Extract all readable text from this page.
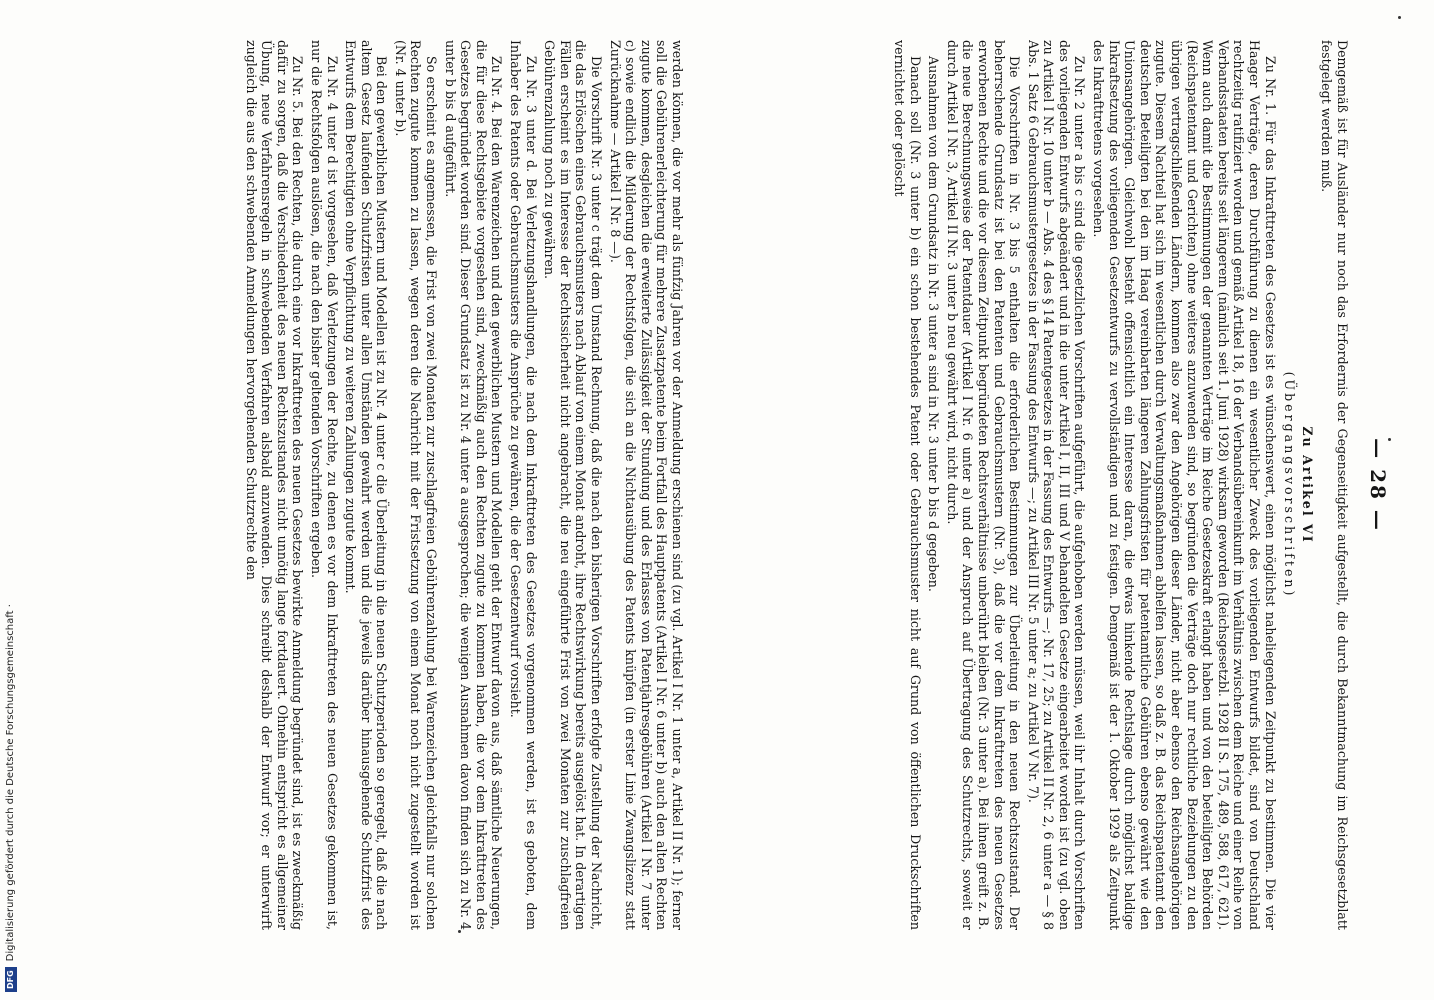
DFG
Digitalisierung gefördert durch die Deutsche Forschungsgemeinschaft ·
— 28 —

Demgemäß ist für Ausländer nur noch das Erfordernis der Gegenseitigkeit aufgestellt, die durch Bekanntmachung im Reichsgesetzblatt festgelegt werden muß.

Zu Artikel VI
(Übergangsvorschriften)

Zu Nr. 1. Für das Inkrafttreten des Gesetzes ist es wünschenswert, einen möglichst naheliegenden Zeitpunkt zu bestimmen. Die vier Haager Verträge, deren Durchführung zu dienen ein wesentlicher Zweck des vorliegenden Entwurfs bildet, sind von Deutschland rechtzeitig ratifiziert worden und gemäß Artikel 18, 16 der Verbandsübereinkunft im Verhältnis zwischen dem Reiche und einer Reihe von Verbandsstaaten bereits seit längerem (nämlich seit 1. Juni 1928) wirksam geworden (Reichsgesetzbl. 1928 II S. 175, 489, 588, 617, 621). Wenn auch damit die Bestimmungen der genannten Verträge im Reiche Gesetzeskraft erlangt haben und von den beteiligten Behörden (Reichspatentamt und Gerichten) ohne weiteres anzuwenden sind, so begründen die Verträge doch nur rechtliche Beziehungen zu den übrigen vertragschließenden Ländern, kommen also zwar den Angehörigen dieser Länder, nicht aber ebenso den Reichsangehörigen zugute. Diesem Nachteil hat sich im wesentlichen durch Verwaltungsmaßnahmen abhelfen lassen, so daß z. B. das Reichspatentamt den deutschen Beteiligten bei den im Haag vereinbarten längeren Zahlungsfristen für patentamtliche Gebühren ebenso gewährt wie den Unionsangehörigen. Gleichwohl besteht offensichtlich ein Interesse daran, die etwas hinkende Rechtslage durch möglichst baldige Inkraftsetzung des vorliegenden Gesetzentwurfs zu vervollständigen und zu festigen. Demgemäß ist der 1. Oktober 1929 als Zeitpunkt des Inkrafttretens vorgesehen.

Zu Nr. 2 unter a bis c sind die gesetzlichen Vorschriften aufgeführt, die aufgehoben werden müssen, weil ihr Inhalt durch Vorschriften des vorliegenden Entwurfs abgeändert und in die unter Artikel I, II, III und V behandelten Gesetze eingearbeitet worden ist (zu vgl. oben zu Artikel I Nr. 10 unter b — Abs. 4 des § 14 Patentgesetzes in der Fassung des Entwurfs —; Nr. 17, 25; zu Artikel II Nr. 2, 6 unter a — § 8 Abs. 1 Satz 6 Gebrauchsmustergesetzes in der Fassung des Entwurfs —; zu Artikel III Nr. 5 unter a; zu Artikel V Nr. 7).

Die Vorschriften in Nr. 3 bis 5 enthalten die erforderlichen Bestimmungen zur Überleitung in den neuen Rechtszustand. Der beherrschende Grundsatz ist bei den Patenten und Gebrauchsmustern (Nr. 3), daß die vor dem Inkrafttreten des neuen Gesetzes erworbenen Rechte und die vor diesem Zeitpunkt begründeten Rechtsverhältnisse unberührt bleiben (Nr. 3 unter a). Bei ihnen greift z. B. die neue Berechnungsweise der Patentdauer (Artikel I Nr. 6 unter a) und der Anspruch auf Übertragung des Schutzrechts, soweit er durch Artikel I Nr. 3, Artikel II Nr. 3 unter b neu gewährt wird, nicht durch.

Ausnahmen von dem Grundsatz in Nr. 3 unter a sind in Nr. 3 unter b bis d gegeben.

Danach soll (Nr. 3 unter b) ein schon bestehendes Patent oder Gebrauchsmuster nicht auf Grund von öffentlichen Druckschriften vernichtet oder gelöscht

werden können, die vor mehr als fünfzig Jahren vor der Anmeldung erschienen sind (zu vgl. Artikel I Nr. 1 unter a, Artikel II Nr. 1); ferner soll die Gebührenerleichterung für mehrere Zusatzpatente beim Fortfall des Hauptpatents (Artikel I Nr. 6 unter b) auch den alten Rechten zugute kommen, desgleichen die erweiterte Zulässigkeit der Stundung und des Erlasses von Patentjahresgebühren (Artikel I Nr. 7 unter c) sowie endlich die Milderung der Rechtsfolgen, die sich an die Nichtausübung des Patents knüpfen (in erster Linie Zwangslizenz statt Zurücknahme — Artikel I Nr. 8 —).

Die Vorschrift Nr. 3 unter c trägt dem Umstand Rechnung, daß die nach den bisherigen Vorschriften erfolgte Zustellung der Nachricht, die das Erlöschen eines Gebrauchsmusters nach Ablauf von einem Monat androht, ihre Rechtswirkung bereits ausgelöst hat. In derartigen Fällen erscheint es im Interesse der Rechtssicherheit nicht angebracht, die neu eingeführte Frist von zwei Monaten zur zuschlagfreien Gebührenzahlung noch zu gewähren.

Zu Nr. 3 unter d. Bei Verletzungshandlungen, die nach dem Inkrafttreten des Gesetzes vorgenommen werden, ist es geboten, dem Inhaber des Patents oder Gebrauchsmusters die Ansprüche zu gewähren, die der Gesetzentwurf vorsieht.

Zu Nr. 4. Bei den Warenzeichen und den gewerblichen Mustern und Modellen geht der Entwurf davon aus, daß sämtliche Neuerungen, die für diese Rechtsgebiete vorgesehen sind, zweckmäßig auch den Rechten zugute zu kommen haben, die vor dem Inkrafttreten des Gesetzes begründet worden sind. Dieser Grundsatz ist zu Nr. 4 unter a ausgesprochen; die wenigen Ausnahmen davon finden sich zu Nr. 4 unter b bis d aufgeführt.

So erscheint es angemessen, die Frist von zwei Monaten zur zuschlagfreien Gebührenzahlung bei Warenzeichen gleichfalls nur solchen Rechten zugute kommen zu lassen, wegen deren die Nachricht mit der Fristsetzung von einem Monat noch nicht zugestellt worden ist (Nr. 4 unter b).

Bei den gewerblichen Mustern und Modellen ist zu Nr. 4 unter c die Überleitung in die neuen Schutzperioden so geregelt, daß die nach altem Gesetz laufenden Schutzfristen unter allen Umständen gewahrt werden und die jeweils darüber hinausgehende Schutzfrist des Entwurfs dem Berechtigten ohne Verpflichtung zu weiteren Zahlungen zugute kommt.

Zu Nr. 4 unter d ist vorgesehen, daß Verletzungen der Rechte, zu denen es vor dem Inkrafttreten des neuen Gesetzes gekommen ist, nur die Rechtsfolgen auslösen, die nach den bisher geltenden Vorschriften ergeben.

Zu Nr. 5. Bei den Rechten, die durch eine vor Inkrafttreten des neuen Gesetzes bewirkte Anmeldung begründet sind, ist es zweckmäßig dafür zu sorgen, daß die Verschiedenheit des neuen Rechtszustandes nicht unnötig lange fortdauert. Ohnehin entspricht es allgemeiner Übung, neue Verfahrensregeln in schwebenden Verfahren alsbald anzuwenden. Dies schreibt deshalb der Entwurf vor; er unterwirft zugleich die aus den schwebenden Anmeldungen hervorgehenden Schutzrechte den
